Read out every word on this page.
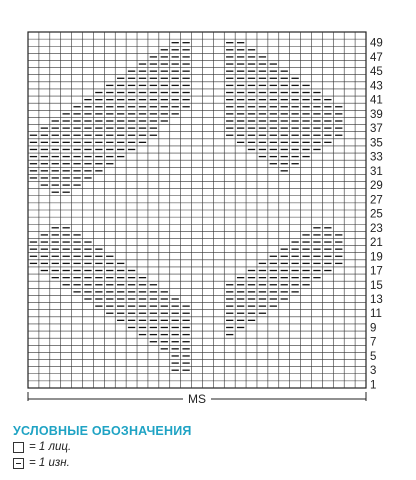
49
47
45
43
41
39
37
35
33
31
29
27
25
23
21
19
17
15
13
11
9
7
5
3
1
MS
УСЛОВНЫЕ ОБОЗНАЧЕНИЯ
= 1 лиц.
= 1 изн.
